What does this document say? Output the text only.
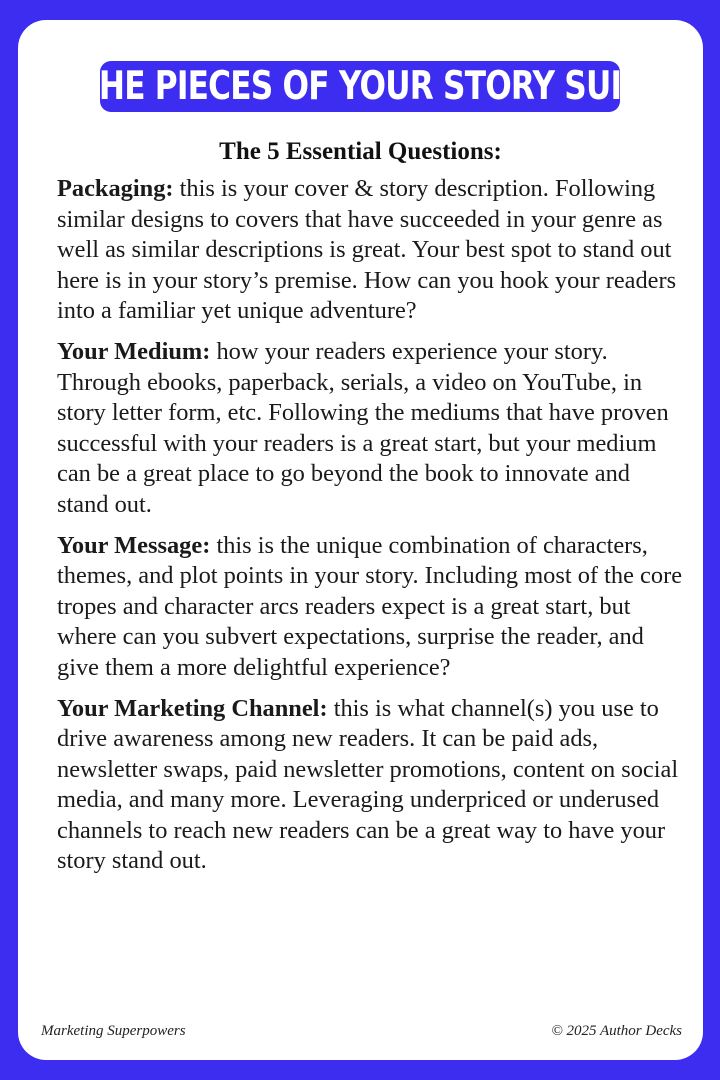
THE PIECES OF YOUR STORY SUIT
The 5 Essential Questions:

Packaging: this is your cover & story description. Following similar designs to covers that have succeeded in your genre as well as similar descriptions is great. Your best spot to stand out here is in your story’s premise. How can you hook your readers into a familiar yet unique adventure?

Your Medium: how your readers experience your story. Through ebooks, paperback, serials, a video on YouTube, in story letter form, etc. Following the mediums that have proven successful with your readers is a great start, but your medium can be a great place to go beyond the book to innovate and stand out.

Your Message: this is the unique combination of characters, themes, and plot points in your story. Including most of the core tropes and character arcs readers expect is a great start, but where can you subvert expectations, surprise the reader, and give them a more delightful experience?

Your Marketing Channel: this is what channel(s) you use to drive awareness among new readers. It can be paid ads, newsletter swaps, paid newsletter promotions, content on social media, and many more. Leveraging underpriced or underused channels to reach new readers can be a great way to have your story stand out.

Marketing Superpowers	© 2025 Author Decks
